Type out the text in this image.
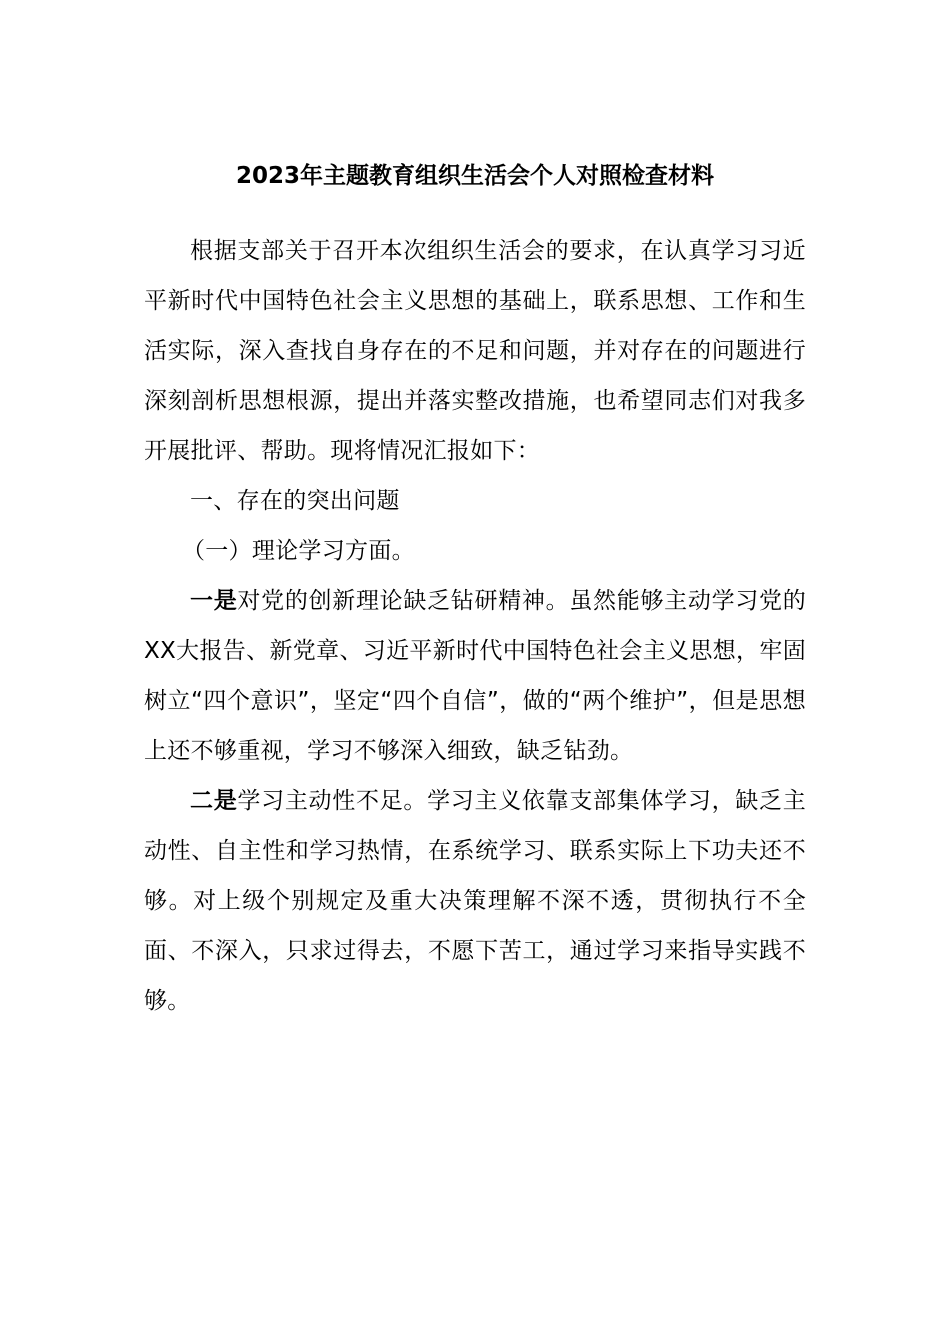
2023年主题教育组织生活会个人对照检查材料

根据支部关于召开本次组织生活会的要求，在认真学习习近平新时代中国特色社会主义思想的基础上，联系思想、工作和生活实际，深入查找自身存在的不足和问题，并对存在的问题进行深刻剖析思想根源，提出并落实整改措施，也希望同志们对我多开展批评、帮助。现将情况汇报如下：

一、存在的突出问题

（一）理论学习方面。

一是对党的创新理论缺乏钻研精神。虽然能够主动学习党的XX大报告、新党章、习近平新时代中国特色社会主义思想，牢固树立“四个意识”，坚定“四个自信”，做的“两个维护”，但是思想上还不够重视，学习不够深入细致，缺乏钻劲。

二是学习主动性不足。学习主义依靠支部集体学习，缺乏主动性、自主性和学习热情，在系统学习、联系实际上下功夫还不够。对上级个别规定及重大决策理解不深不透，贯彻执行不全面、不深入，只求过得去，不愿下苦工，通过学习来指导实践不够。
